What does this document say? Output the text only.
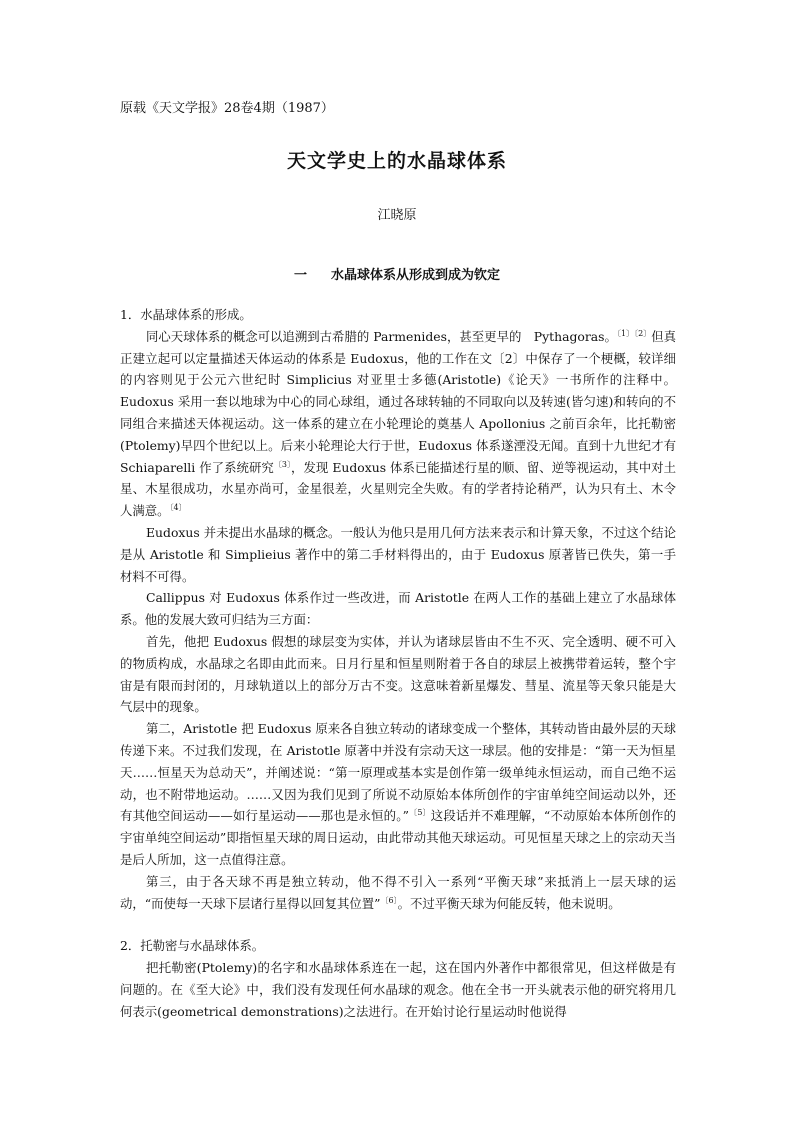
原载《天文学报》28卷4期（1987）
天文学史上的水晶球体系
江晓原
一 水晶球体系从形成到成为钦定

1．水晶球体系的形成。

同心天球体系的概念可以追溯到古希腊的 Parmenides，甚至更早的　Pythagoras。$^{〔1〕〔2〕}$但真正建立起可以定量描述天体运动的体系是 Eudoxus，他的工作在文〔2〕中保存了一个梗概，较详细的内容则见于公元六世纪时 Simplicius 对亚里士多德(Aristotle)《论天》一书所作的注释中。Eudoxus 采用一套以地球为中心的同心球组，通过各球转轴的不同取向以及转速(皆匀速)和转向的不同组合来描述天体视运动。这一体系的建立在小轮理论的奠基人 Apollonius 之前百余年，比托勒密(Ptolemy)早四个世纪以上。后来小轮理论大行于世，Eudoxus 体系遂湮没无闻。直到十九世纪才有 Schiaparelli 作了系统研究$^{〔3〕}$，发现 Eudoxus 体系已能描述行星的顺、留、逆等视运动，其中对土星、木星很成功，水星亦尚可，金星很差，火星则完全失败。有的学者持论稍严，认为只有土、木令人满意。$^{〔4〕}$

Eudoxus 并未提出水晶球的概念。一般认为他只是用几何方法来表示和计算天象，不过这个结论是从 Aristotle 和 Simplieius 著作中的第二手材料得出的，由于 Eudoxus 原著皆已佚失，第一手材料不可得。

Callippus 对 Eudoxus 体系作过一些改进，而 Aristotle 在两人工作的基础上建立了水晶球体系。他的发展大致可归结为三方面：

首先，他把 Eudoxus 假想的球层变为实体，并认为诸球层皆由不生不灭、完全透明、硬不可入的物质构成，水晶球之名即由此而来。日月行星和恒星则附着于各自的球层上被携带着运转，整个宇宙是有限而封闭的，月球轨道以上的部分万古不变。这意味着新星爆发、彗星、流星等天象只能是大气层中的现象。

第二，Aristotle 把 Eudoxus 原来各自独立转动的诸球变成一个整体，其转动皆由最外层的天球传递下来。不过我们发现，在 Aristotle 原著中并没有宗动天这一球层。他的安排是：“第一天为恒星天……恒星天为总动天”，并阐述说：“第一原理或基本实是创作第一级单纯永恒运动，而自己绝不运动，也不附带地运动。……又因为我们见到了所说不动原始本体所创作的宇宙单纯空间运动以外，还有其他空间运动——如行星运动——那也是永恒的。”$^{〔5〕}$这段话并不难理解，“不动原始本体所创作的宇宙单纯空间运动”即指恒星天球的周日运动，由此带动其他天球运动。可见恒星天球之上的宗动天当是后人所加，这一点值得注意。

第三，由于各天球不再是独立转动，他不得不引入一系列“平衡天球”来抵消上一层天球的运动，“而使每一天球下层诸行星得以回复其位置”$^{〔6〕}$。不过平衡天球为何能反转，他未说明。

2．托勒密与水晶球体系。

把托勒密(Ptolemy)的名字和水晶球体系连在一起，这在国内外著作中都很常见，但这样做是有问题的。在《至大论》中，我们没有发现任何水晶球的观念。他在全书一开头就表示他的研究将用几何表示(geometrical demonstrations)之法进行。在开始讨论行星运动时他说得
